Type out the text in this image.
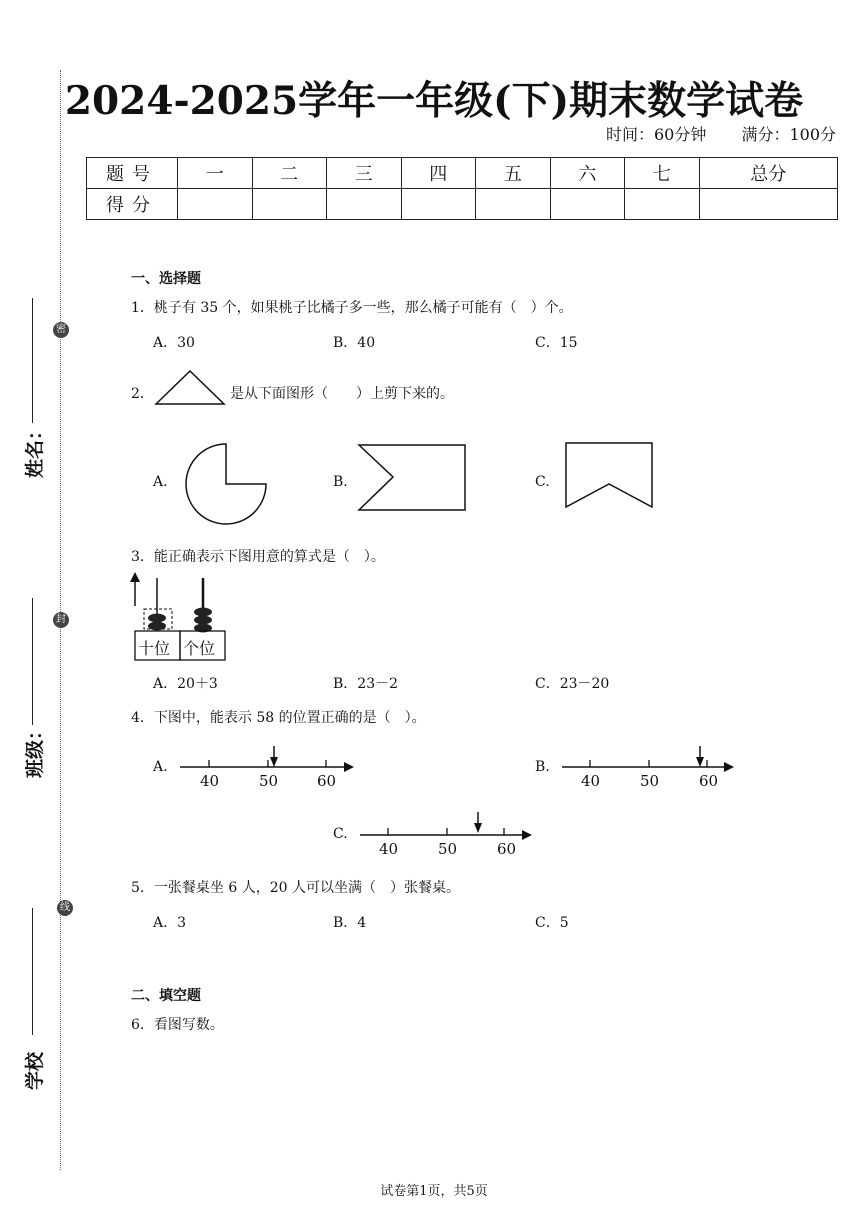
密
封
线
姓名：
班级：
学校
2024-2025学年一年级(下)期末数学试卷
时间：60分钟 满分：100分
题号	一	二	三	四	五	六	七	总分
得分								
一、选择题
1．桃子有 35 个，如果桃子比橘子多一些，那么橘子可能有（　）个。
A．30	B．40	C．15
2．	是从下面图形（　　）上剪下来的。
A.	B.	C.
3．能正确表示下图用意的算式是（　）。
十位 个位
A．20＋3	B．23－2	C．23－20
4．下图中，能表示 58 的位置正确的是（　）。
A.
40	50	60
B.
40	50	60
C.
40	50	60
5．一张餐桌坐 6 人，20 人可以坐满（　）张餐桌。
A．3	B．4	C．5
二、填空题
6．看图写数。
试卷第1页，共5页
